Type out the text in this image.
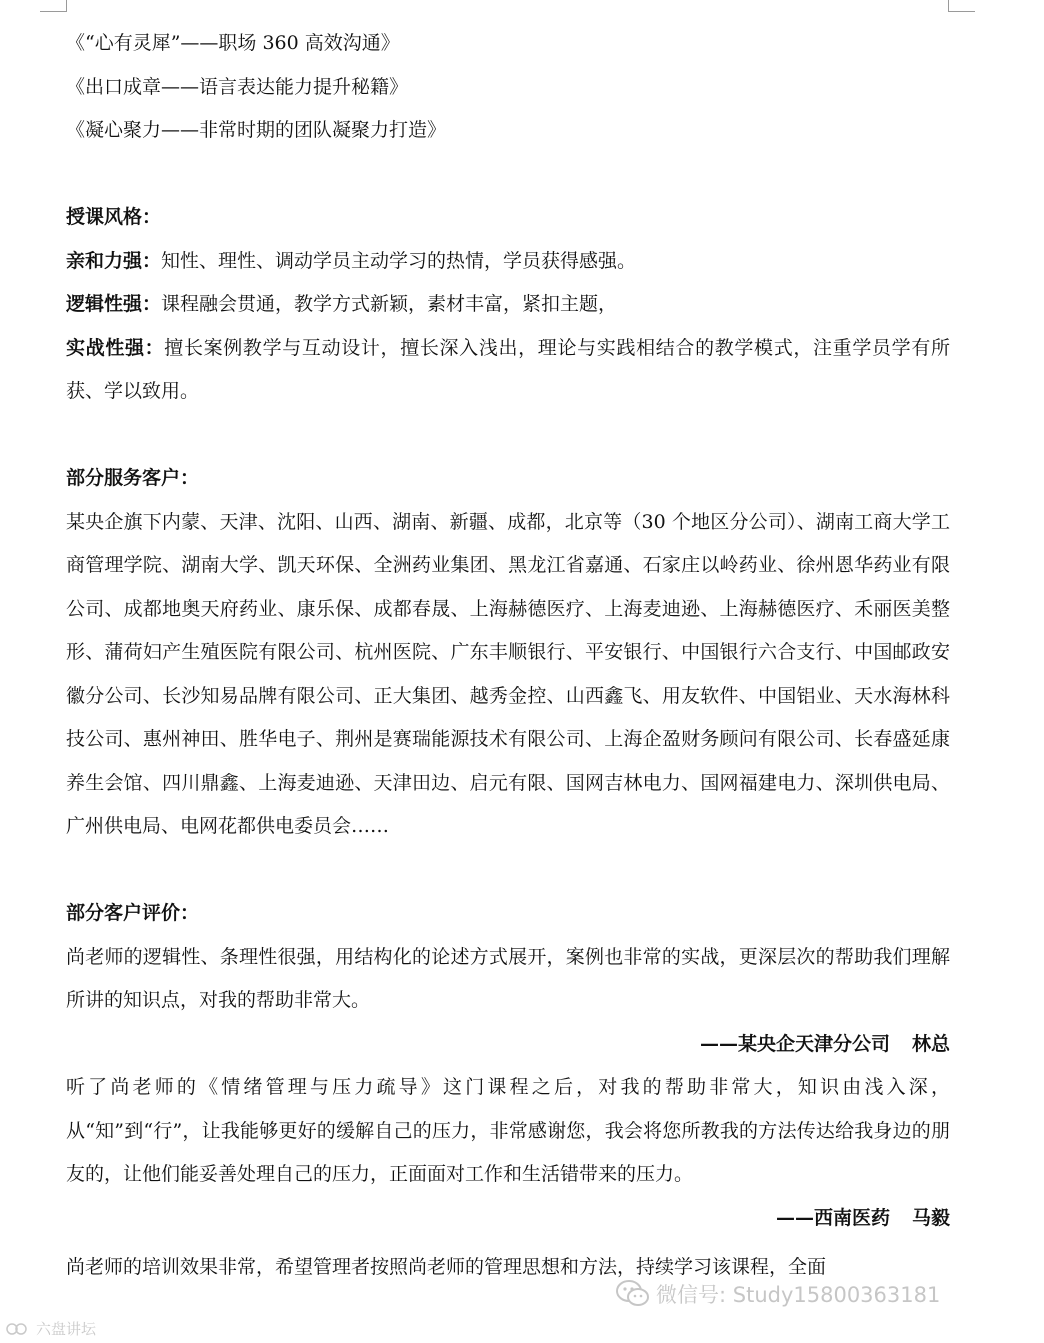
《“心有灵犀”——职场 360 高效沟通》

《出口成章——语言表达能力提升秘籍》

《凝心聚力——非常时期的团队凝聚力打造》

授课风格：

亲和力强：知性、理性、调动学员主动学习的热情，学员获得感强。

逻辑性强：课程融会贯通，教学方式新颖，素材丰富，紧扣主题，

实战性强：擅长案例教学与互动设计，擅长深入浅出，理论与实践相结合的教学模式，注重学员学有所获、学以致用。

部分服务客户：

某央企旗下内蒙、天津、沈阳、山西、湖南、新疆、成都，北京等（30 个地区分公司）、湖南工商大学工商管理学院、湖南大学、凯天环保、全洲药业集团、黑龙江省嘉通、石家庄以岭药业、徐州恩华药业有限公司、成都地奥天府药业、康乐保、成都春晟、上海赫德医疗、上海麦迪逊、上海赫德医疗、禾丽医美整形、蒲荷妇产生殖医院有限公司、杭州医院、广东丰顺银行、平安银行、中国银行六合支行、中国邮政安徽分公司、长沙知易品牌有限公司、正大集团、越秀金控、山西鑫飞、用友软件、中国铝业、天水海林科技公司、惠州神田、胜华电子、荆州是赛瑞能源技术有限公司、上海企盈财务顾问有限公司、长春盛延康养生会馆、四川鼎鑫、上海麦迪逊、天津田边、启元有限、国网吉林电力、国网福建电力、深圳供电局、广州供电局、电网花都供电委员会……

部分客户评价：

尚老师的逻辑性、条理性很强，用结构化的论述方式展开，案例也非常的实战，更深层次的帮助我们理解所讲的知识点，对我的帮助非常大。

——某央企天津分公司 林总

听了尚老师的《情绪管理与压力疏导》这门课程之后，对我的帮助非常大，知识由浅入深，从“知”到“行”，让我能够更好的缓解自己的压力，非常感谢您，我会将您所教我的方法传达给我身边的朋友的，让他们能妥善处理自己的压力，正面面对工作和生活错带来的压力。

——西南医药 马毅

尚老师的培训效果非常，希望管理者按照尚老师的管理思想和方法，持续学习该课程，全面

微信号: Study15800363181
六盘讲坛
